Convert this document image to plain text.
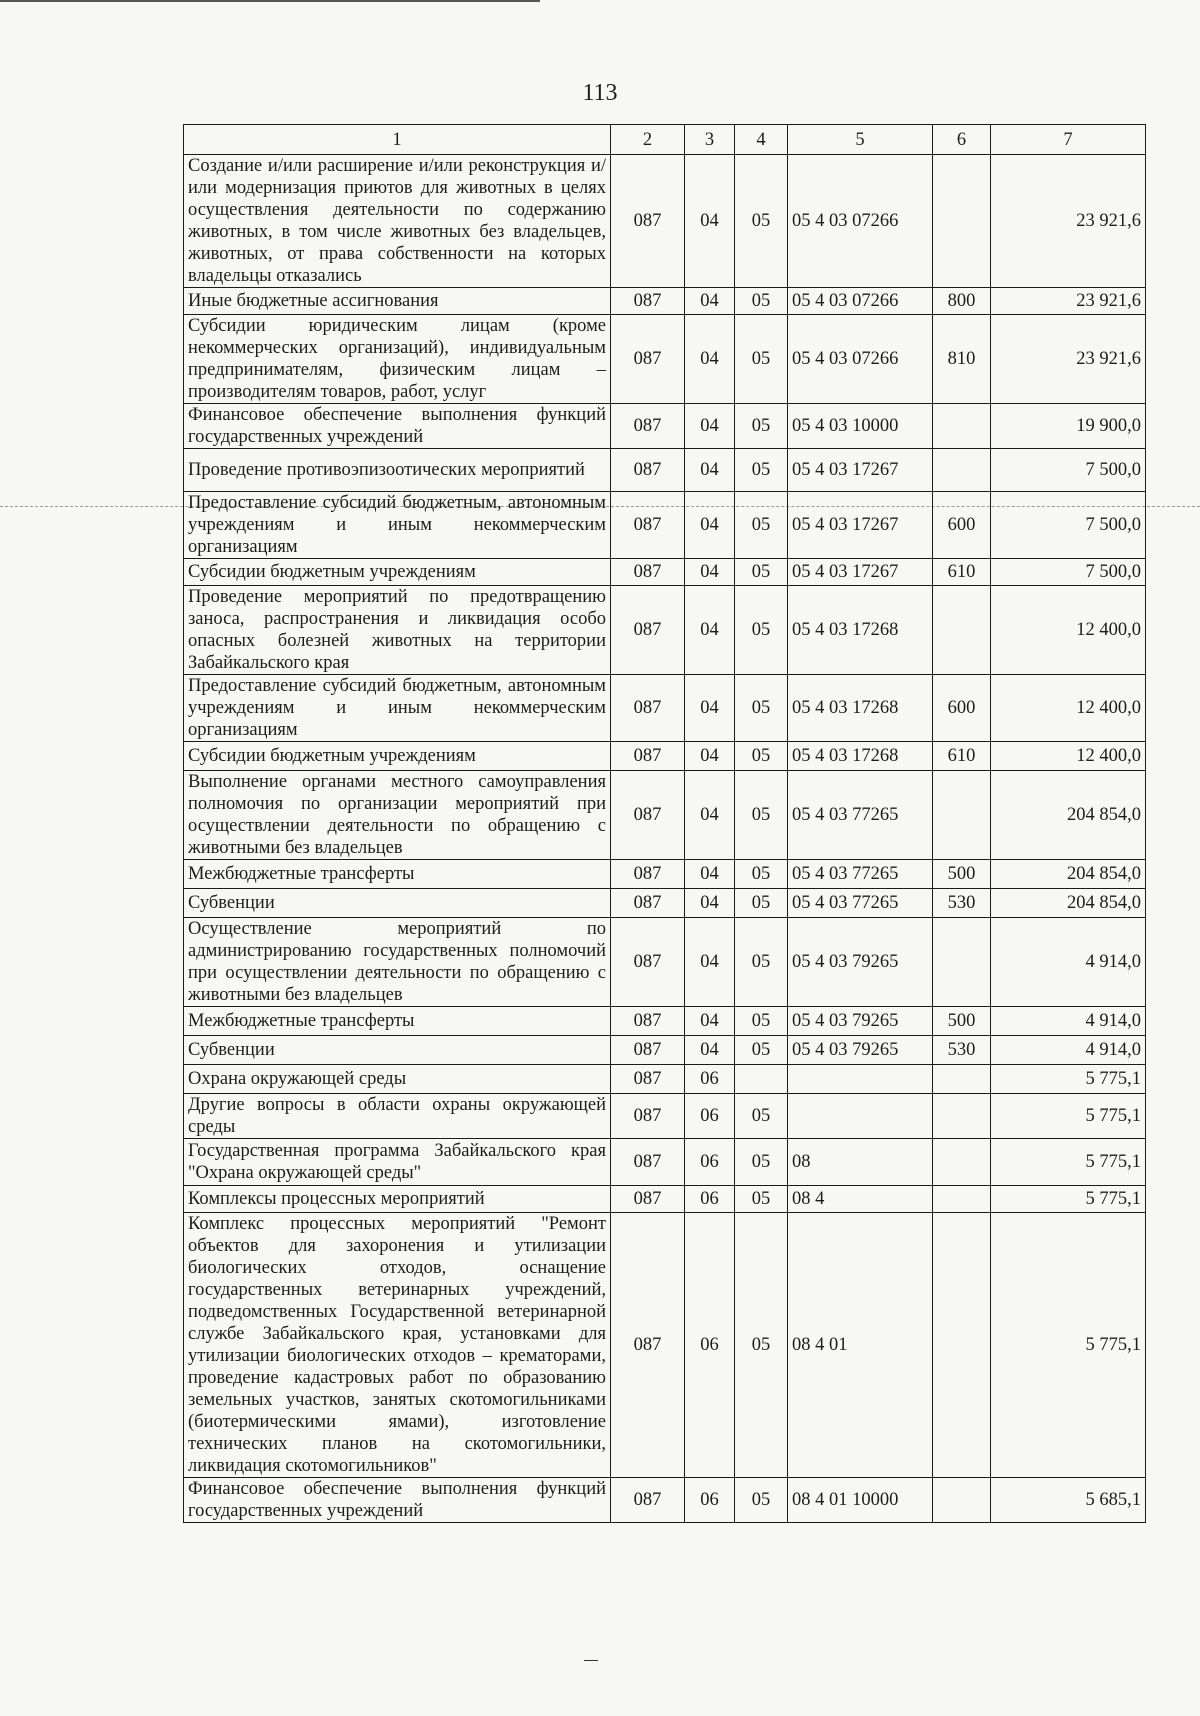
113
1	2	3	4	5	6	7
Создание и/или расширение и/или реконструкция и/или модернизация приютов для животных в целях осуществления деятельности по содержанию животных, в том числе животных без владельцев, животных, от права собственности на которых владельцы отказались	087	04	05	05 4 03 07266		23 921,6
Иные бюджетные ассигнования	087	04	05	05 4 03 07266	800	23 921,6
Субсидии юридическим лицам (кроме некоммерческих организаций), индивидуальным предпринимателям, физическим лицам – производителям товаров, работ, услуг	087	04	05	05 4 03 07266	810	23 921,6
Финансовое обеспечение выполнения функций государственных учреждений	087	04	05	05 4 03 10000		19 900,0
Проведение противоэпизоотических мероприятий	087	04	05	05 4 03 17267		7 500,0
Предоставление субсидий бюджетным, автономным учреждениям и иным некоммерческим организациям	087	04	05	05 4 03 17267	600	7 500,0
Субсидии бюджетным учреждениям	087	04	05	05 4 03 17267	610	7 500,0
Проведение мероприятий по предотвращению заноса, распространения и ликвидация особо опасных болезней животных на территории Забайкальского края	087	04	05	05 4 03 17268		12 400,0
Предоставление субсидий бюджетным, автономным учреждениям и иным некоммерческим организациям	087	04	05	05 4 03 17268	600	12 400,0
Субсидии бюджетным учреждениям	087	04	05	05 4 03 17268	610	12 400,0
Выполнение органами местного самоуправления полномочия по организации мероприятий при осуществлении деятельности по обращению с животными без владельцев	087	04	05	05 4 03 77265		204 854,0
Межбюджетные трансферты	087	04	05	05 4 03 77265	500	204 854,0
Субвенции	087	04	05	05 4 03 77265	530	204 854,0
Осуществление мероприятий по администрированию государственных полномочий при осуществлении деятельности по обращению с животными без владельцев	087	04	05	05 4 03 79265		4 914,0
Межбюджетные трансферты	087	04	05	05 4 03 79265	500	4 914,0
Субвенции	087	04	05	05 4 03 79265	530	4 914,0
Охрана окружающей среды	087	06				5 775,1
Другие вопросы в области охраны окружающей среды	087	06	05			5 775,1
Государственная программа Забайкальского края "Охрана окружающей среды"	087	06	05	08		5 775,1
Комплексы процессных мероприятий	087	06	05	08 4		5 775,1
Комплекс процессных мероприятий "Ремонт объектов для захоронения и утилизации биологических отходов, оснащение государственных ветеринарных учреждений, подведомственных Государственной ветеринарной службе Забайкальского края, установками для утилизации биологических отходов – крематорами, проведение кадастровых работ по образованию земельных участков, занятых скотомогильниками (биотермическими ямами), изготовление технических планов на скотомогильники, ликвидация скотомогильников"	087	06	05	08 4 01		5 775,1
Финансовое обеспечение выполнения функций государственных учреждений	087	06	05	08 4 01 10000		5 685,1
